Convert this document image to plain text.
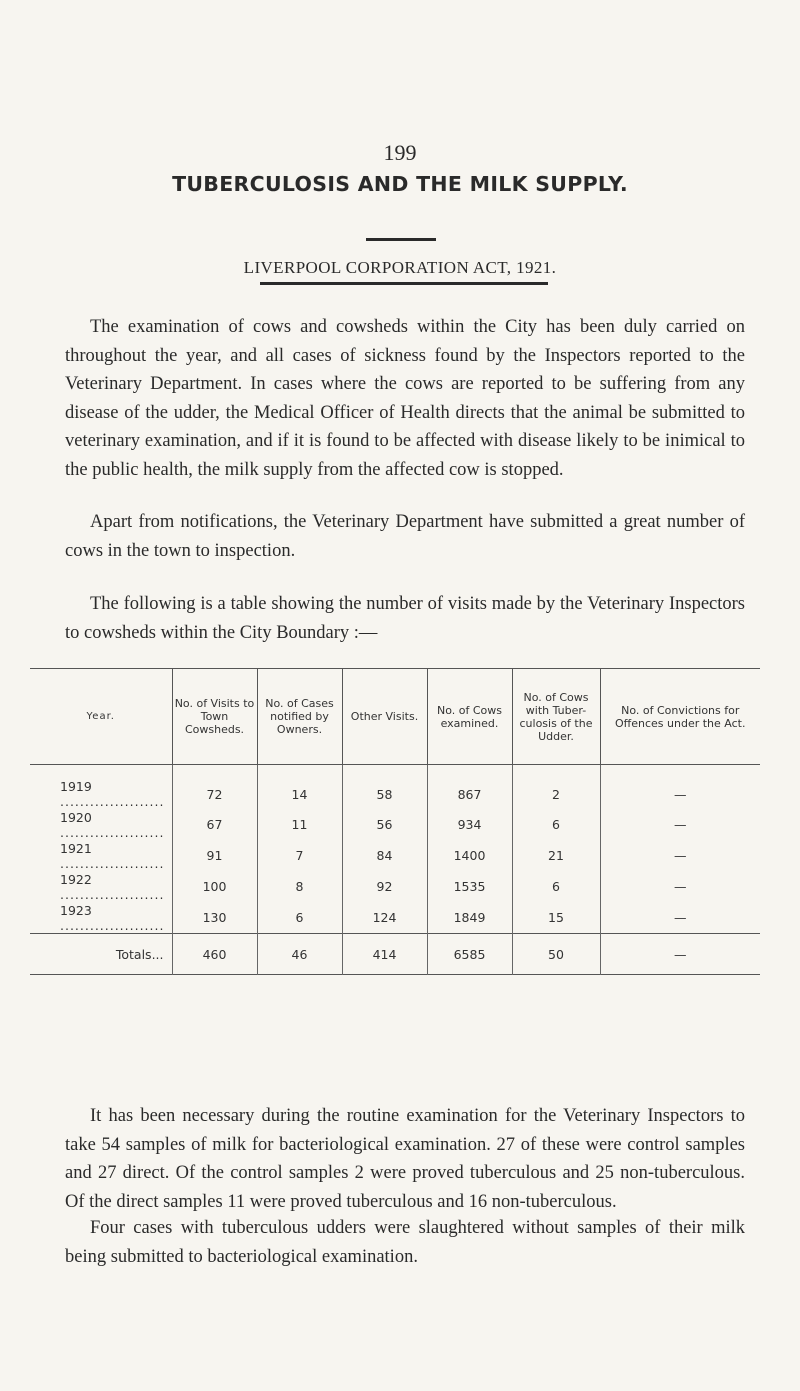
199
TUBERCULOSIS AND THE MILK SUPPLY.
LIVERPOOL CORPORATION ACT, 1921.

The examination of cows and cowsheds within the City has been duly carried on throughout the year, and all cases of sickness found by the Inspectors reported to the Veterinary Department. In cases where the cows are reported to be suffering from any disease of the udder, the Medical Officer of Health directs that the animal be submitted to veterinary examination, and if it is found to be affected with disease likely to be inimical to the public health, the milk supply from the affected cow is stopped.

Apart from notifications, the Veterinary Department have submitted a great number of cows in the town to inspection.

The following is a table showing the number of visits made by the Veterinary Inspectors to cowsheds within the City Boundary :—

Year.	No. of Visits to Town Cowsheds.	No. of Cases notified by Owners.	Other Visits.	No. of Cows examined.	No. of Cows with Tuber-culosis of the Udder.	No. of Convictions for Offences under the Act.
1919 .....................	72	14	58	867	2	—
1920 .....................	67	11	56	934	6	—
1921 .....................	91	7	84	1400	21	—
1922 .....................	100	8	92	1535	6	—
1923 .....................	130	6	124	1849	15	—
Totals...	460	46	414	6585	50	—

It has been necessary during the routine examination for the Veterinary Inspectors to take 54 samples of milk for bacteriological examination. 27 of these were control samples and 27 direct. Of the control samples 2 were proved tuberculous and 25 non-tuberculous. Of the direct samples 11 were proved tuberculous and 16 non-tuberculous.

Four cases with tuberculous udders were slaughtered without samples of their milk being submitted to bacteriological examination.
